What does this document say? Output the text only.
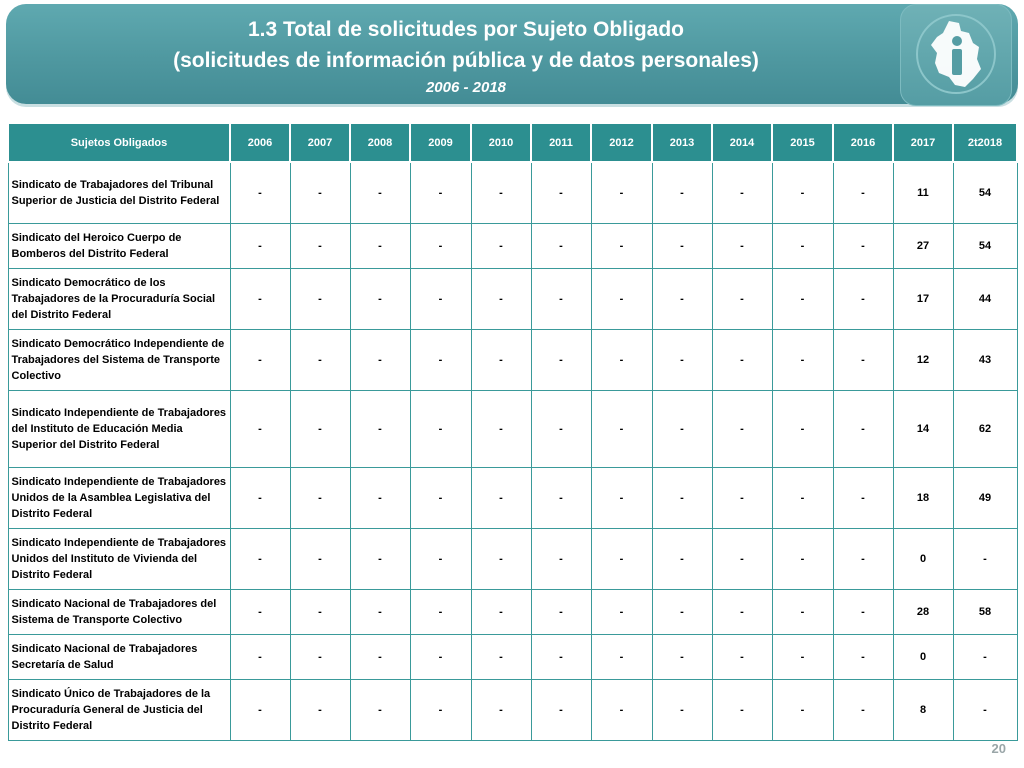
1.3 Total de solicitudes por Sujeto Obligado
(solicitudes de información pública y de datos personales)
2006 - 2018
Sujetos Obligados	2006	2007	2008	2009	2010	2011	2012	2013	2014	2015	2016	2017	2t2018
Sindicato de Trabajadores del Tribunal Superior de Justicia del Distrito Federal	-	-	-	-	-	-	-	-	-	-	-	11	54
Sindicato del Heroico Cuerpo de Bomberos del Distrito Federal	-	-	-	-	-	-	-	-	-	-	-	27	54
Sindicato Democrático de los Trabajadores de la Procuraduría Social del Distrito Federal	-	-	-	-	-	-	-	-	-	-	-	17	44
Sindicato Democrático Independiente de Trabajadores del Sistema de Transporte Colectivo	-	-	-	-	-	-	-	-	-	-	-	12	43
Sindicato Independiente de Trabajadores del Instituto de Educación Media Superior del Distrito Federal	-	-	-	-	-	-	-	-	-	-	-	14	62
Sindicato Independiente de Trabajadores Unidos de la Asamblea Legislativa del Distrito Federal	-	-	-	-	-	-	-	-	-	-	-	18	49
Sindicato Independiente de Trabajadores Unidos del Instituto de Vivienda del Distrito Federal	-	-	-	-	-	-	-	-	-	-	-	0	-
Sindicato Nacional de Trabajadores del Sistema de Transporte Colectivo	-	-	-	-	-	-	-	-	-	-	-	28	58
Sindicato Nacional de Trabajadores Secretaría de Salud	-	-	-	-	-	-	-	-	-	-	-	0	-
Sindicato Único de Trabajadores de la Procuraduría General de Justicia del Distrito Federal	-	-	-	-	-	-	-	-	-	-	-	8	-
20
